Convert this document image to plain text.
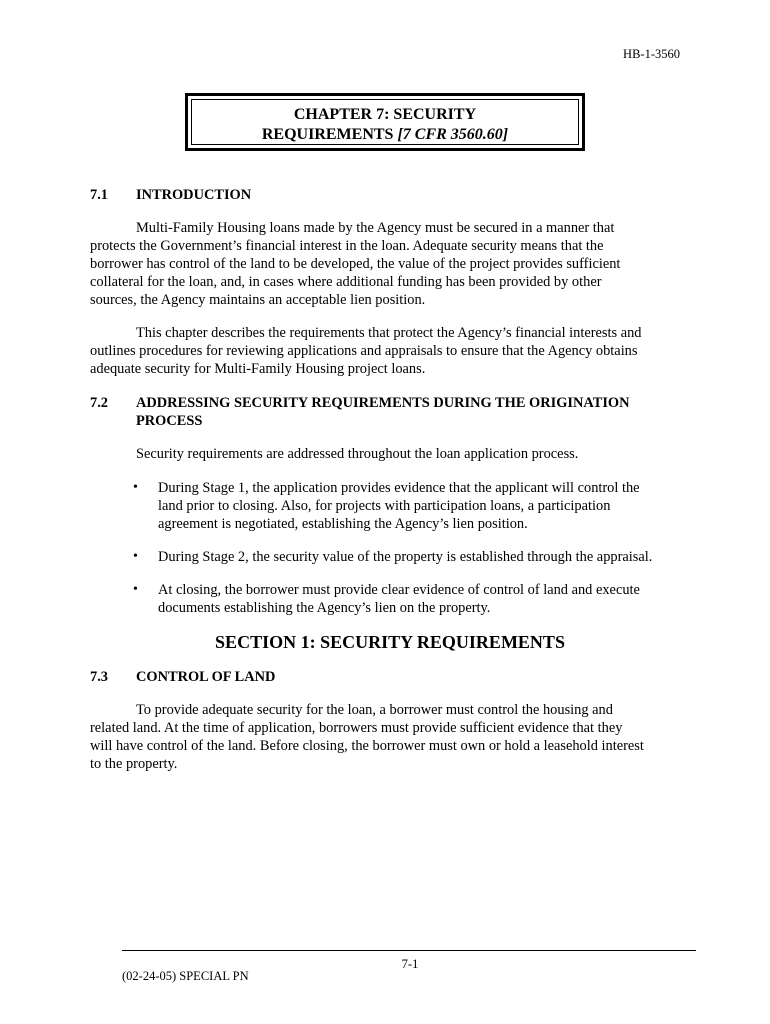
HB-1-3560
CHAPTER 7: SECURITY
REQUIREMENTS [7 CFR 3560.60]
7.1 INTRODUCTION
Multi-Family Housing loans made by the Agency must be secured in a manner that
protects the Government’s financial interest in the loan. Adequate security means that the
borrower has control of the land to be developed, the value of the project provides sufficient
collateral for the loan, and, in cases where additional funding has been provided by other
sources, the Agency maintains an acceptable lien position.
This chapter describes the requirements that protect the Agency’s financial interests and
outlines procedures for reviewing applications and appraisals to ensure that the Agency obtains
adequate security for Multi-Family Housing project loans.
7.2 ADDRESSING SECURITY REQUIREMENTS DURING THE ORIGINATION
PROCESS
Security requirements are addressed throughout the loan application process.
• During Stage 1, the application provides evidence that the applicant will control the
land prior to closing. Also, for projects with participation loans, a participation
agreement is negotiated, establishing the Agency’s lien position.
• During Stage 2, the security value of the property is established through the appraisal.
• At closing, the borrower must provide clear evidence of control of land and execute
documents establishing the Agency’s lien on the property.
SECTION 1: SECURITY REQUIREMENTS
7.3 CONTROL OF LAND
To provide adequate security for the loan, a borrower must control the housing and
related land. At the time of application, borrowers must provide sufficient evidence that they
will have control of the land. Before closing, the borrower must own or hold a leasehold interest
to the property.
7-1
(02-24-05) SPECIAL PN
